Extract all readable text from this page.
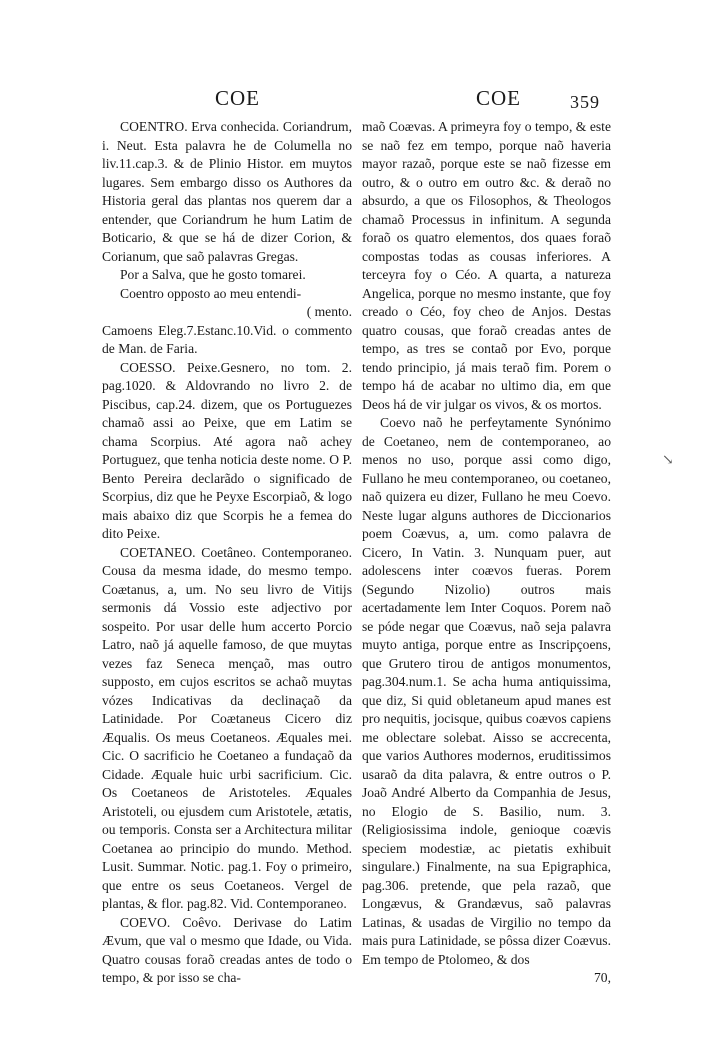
COE	COE	359

COENTRO. Erva conhecida. Coriandrum, i. Neut. Esta palavra he de Columella no liv.11.cap.3. & de Plinio Histor. em muytos lugares. Sem embargo disso os Authores da Historia geral das plantas nos querem dar a entender, que Coriandrum he hum Latim de Boticario, & que se há de dizer Corion, & Corianum, que saõ palavras Gregas.

Por a Salva, que he gosto tomarei.

Coentro opposto ao meu entendi-

( mento.

Camoens Eleg.7.Estanc.10.Vid. o commento de Man. de Faria.

COESSO. Peixe.Gesnero, no tom. 2. pag.1020. & Aldovrando no livro 2. de Piscibus, cap.24. dizem, que os Portuguezes chamaõ assi ao Peixe, que em Latim se chama Scorpius. Até agora naõ achey Portuguez, que tenha noticia deste nome. O P. Bento Pereira declarãdo o significado de Scorpius, diz que he Peyxe Escorpiaõ, & logo mais abaixo diz que Scorpis he a femea do dito Peixe.

COETANEO. Coetâneo. Contemporaneo. Cousa da mesma idade, do mesmo tempo. Coætanus, a, um. No seu livro de Vitijs sermonis dá Vossio este adjectivo por sospeito. Por usar delle hum accerto Porcio Latro, naõ já aquelle famoso, de que muytas vezes faz Seneca mençaõ, mas outro supposto, em cujos escritos se achaõ muytas vózes Indicativas da declinaçaõ da Latinidade. Por Coætaneus Cicero diz Æqualis. Os meus Coetaneos. Æquales mei. Cic. O sacrificio he Coetaneo a fundaçaõ da Cidade. Æquale huic urbi sacrificium. Cic. Os Coetaneos de Aristoteles. Æquales Aristoteli, ou ejusdem cum Aristotele, ætatis, ou temporis. Consta ser a Architectura militar Coetanea ao principio do mundo. Method. Lusit. Summar. Notic. pag.1. Foy o primeiro, que entre os seus Coetaneos. Vergel de plantas, & flor. pag.82. Vid. Contemporaneo.

COEVO. Coêvo. Derivase do Latim Ævum, que val o mesmo que Idade, ou Vida. Quatro cousas foraõ creadas antes de todo o tempo, & por isso se cha-

maõ Coævas. A primeyra foy o tempo, & este se naõ fez em tempo, porque naõ haveria mayor razaõ, porque este se naõ fizesse em outro, & o outro em outro &c. & deraõ no absurdo, a que os Filosophos, & Theologos chamaõ Processus in infinitum. A segunda foraõ os quatro elementos, dos quaes foraõ compostas todas as cousas inferiores. A terceyra foy o Céo. A quarta, a natureza Angelica, porque no mesmo instante, que foy creado o Céo, foy cheo de Anjos. Destas quatro cousas, que foraõ creadas antes de tempo, as tres se contaõ por Evo, porque tendo principio, já mais teraõ fim. Porem o tempo há de acabar no ultimo dia, em que Deos há de vir julgar os vivos, & os mortos.

Coevo naõ he perfeytamente Synónimo de Coetaneo, nem de contemporaneo, ao menos no uso, porque assi como digo, Fullano he meu contemporaneo, ou coetaneo, naõ quizera eu dizer, Fullano he meu Coevo. Neste lugar alguns authores de Diccionarios poem Coævus, a, um. como palavra de Cicero, In Vatin. 3. Nunquam puer, aut adolescens inter coævos fueras. Porem (Segundo Nizolio) outros mais acertadamente lem Inter Coquos. Porem naõ se póde negar que Coævus, naõ seja palavra muyto antiga, porque entre as Inscripçoens, que Grutero tirou de antigos monumentos, pag.304.num.1. Se acha huma antiquissima, que diz, Si quid obletaneum apud manes est pro nequitis, jocisque, quibus coævos capiens me oblectare solebat. Aisso se accrecenta, que varios Authores modernos, eruditissimos usaraõ da dita palavra, & entre outros o P. Joaõ André Alberto da Companhia de Jesus, no Elogio de S. Basilio, num. 3. (Religiosissima indole, genioque coævis speciem modestiæ, ac pietatis exhibuit singulare.) Finalmente, na sua Epigraphica, pag.306. pretende, que pela razaõ, que Longævus, & Grandævus, saõ palavras Latinas, & usadas de Virgilio no tempo da mais pura Latinidade, se pôssa dizer Coævus. Em tempo de Ptolomeo, & dos

70,

↘
